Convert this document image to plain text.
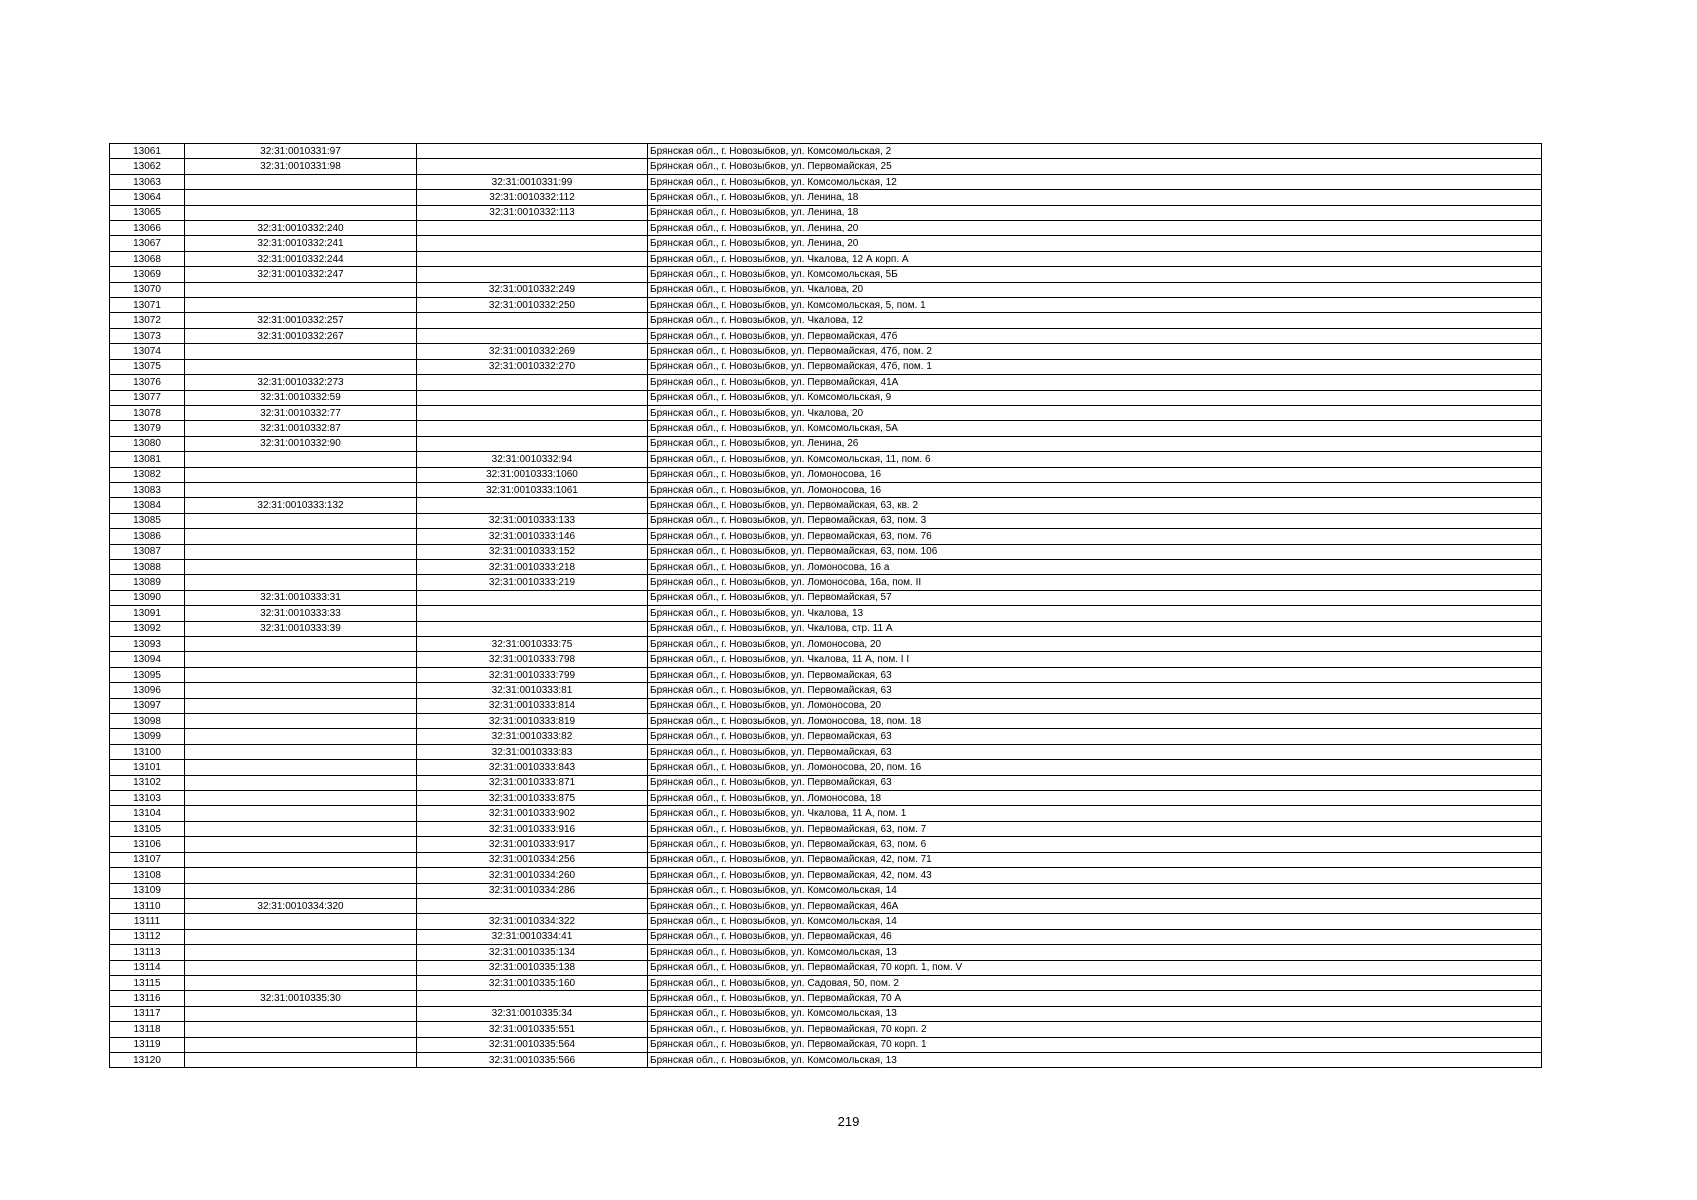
13061	32:31:0010331:97		Брянская обл., г. Новозыбков, ул. Комсомольская, 2
13062	32:31:0010331:98		Брянская обл., г. Новозыбков, ул. Первомайская, 25
13063		32:31:0010331:99	Брянская обл., г. Новозыбков, ул. Комсомольская, 12
13064		32:31:0010332:112	Брянская обл., г. Новозыбков, ул. Ленина, 18
13065		32:31:0010332:113	Брянская обл., г. Новозыбков, ул. Ленина, 18
13066	32:31:0010332:240		Брянская обл., г. Новозыбков, ул. Ленина, 20
13067	32:31:0010332:241		Брянская обл., г. Новозыбков, ул. Ленина, 20
13068	32:31:0010332:244		Брянская обл., г. Новозыбков, ул. Чкалова, 12 А корп. А
13069	32:31:0010332:247		Брянская обл., г. Новозыбков, ул. Комсомольская, 5Б
13070		32:31:0010332:249	Брянская обл., г. Новозыбков, ул. Чкалова, 20
13071		32:31:0010332:250	Брянская обл., г. Новозыбков, ул. Комсомольская, 5, пом. 1
13072	32:31:0010332:257		Брянская обл., г. Новозыбков, ул. Чкалова, 12
13073	32:31:0010332:267		Брянская обл., г. Новозыбков, ул. Первомайская, 47б
13074		32:31:0010332:269	Брянская обл., г. Новозыбков, ул. Первомайская, 47б, пом. 2
13075		32:31:0010332:270	Брянская обл., г. Новозыбков, ул. Первомайская, 47б, пом. 1
13076	32:31:0010332:273		Брянская обл., г. Новозыбков, ул. Первомайская, 41А
13077	32:31:0010332:59		Брянская обл., г. Новозыбков, ул. Комсомольская, 9
13078	32:31:0010332:77		Брянская обл., г. Новозыбков, ул. Чкалова, 20
13079	32:31:0010332:87		Брянская обл., г. Новозыбков, ул. Комсомольская, 5А
13080	32:31:0010332:90		Брянская обл., г. Новозыбков, ул. Ленина, 26
13081		32:31:0010332:94	Брянская обл., г. Новозыбков, ул. Комсомольская, 11, пом. 6
13082		32:31:0010333:1060	Брянская обл., г. Новозыбков, ул. Ломоносова, 16
13083		32:31:0010333:1061	Брянская обл., г. Новозыбков, ул. Ломоносова, 16
13084	32:31:0010333:132		Брянская обл., г. Новозыбков, ул. Первомайская, 63, кв. 2
13085		32:31:0010333:133	Брянская обл., г. Новозыбков, ул. Первомайская, 63, пом. 3
13086		32:31:0010333:146	Брянская обл., г. Новозыбков, ул. Первомайская, 63, пом. 76
13087		32:31:0010333:152	Брянская обл., г. Новозыбков, ул. Первомайская, 63, пом. 106
13088		32:31:0010333:218	Брянская обл., г. Новозыбков, ул. Ломоносова, 16 а
13089		32:31:0010333:219	Брянская обл., г. Новозыбков, ул. Ломоносова, 16а, пом. II
13090	32:31:0010333:31		Брянская обл., г. Новозыбков, ул. Первомайская, 57
13091	32:31:0010333:33		Брянская обл., г. Новозыбков, ул. Чкалова, 13
13092	32:31:0010333:39		Брянская обл., г. Новозыбков, ул. Чкалова, стр. 11 А
13093		32:31:0010333:75	Брянская обл., г. Новозыбков, ул. Ломоносова, 20
13094		32:31:0010333:798	Брянская обл., г. Новозыбков, ул. Чкалова, 11 А, пом. I I
13095		32:31:0010333:799	Брянская обл., г. Новозыбков, ул. Первомайская, 63
13096		32:31:0010333:81	Брянская обл., г. Новозыбков, ул. Первомайская, 63
13097		32:31:0010333:814	Брянская обл., г. Новозыбков, ул. Ломоносова, 20
13098		32:31:0010333:819	Брянская обл., г. Новозыбков, ул. Ломоносова, 18, пом. 18
13099		32:31:0010333:82	Брянская обл., г. Новозыбков, ул. Первомайская, 63
13100		32:31:0010333:83	Брянская обл., г. Новозыбков, ул. Первомайская, 63
13101		32:31:0010333:843	Брянская обл., г. Новозыбков, ул. Ломоносова, 20, пом. 16
13102		32:31:0010333:871	Брянская обл., г. Новозыбков, ул. Первомайская, 63
13103		32:31:0010333:875	Брянская обл., г. Новозыбков, ул. Ломоносова, 18
13104		32:31:0010333:902	Брянская обл., г. Новозыбков, ул. Чкалова, 11 А, пом. 1
13105		32:31:0010333:916	Брянская обл., г. Новозыбков, ул. Первомайская, 63, пом. 7
13106		32:31:0010333:917	Брянская обл., г. Новозыбков, ул. Первомайская, 63, пом. 6
13107		32:31:0010334:256	Брянская обл., г. Новозыбков, ул. Первомайская, 42, пом. 71
13108		32:31:0010334:260	Брянская обл., г. Новозыбков, ул. Первомайская, 42, пом. 43
13109		32:31:0010334:286	Брянская обл., г. Новозыбков, ул. Комсомольская, 14
13110	32:31:0010334:320		Брянская обл., г. Новозыбков, ул. Первомайская, 46А
13111		32:31:0010334:322	Брянская обл., г. Новозыбков, ул. Комсомольская, 14
13112		32:31:0010334:41	Брянская обл., г. Новозыбков, ул. Первомайская, 46
13113		32:31:0010335:134	Брянская обл., г. Новозыбков, ул. Комсомольская, 13
13114		32:31:0010335:138	Брянская обл., г. Новозыбков, ул. Первомайская, 70 корп. 1, пом. V
13115		32:31:0010335:160	Брянская обл., г. Новозыбков, ул. Садовая, 50, пом. 2
13116	32:31:0010335:30		Брянская обл., г. Новозыбков, ул. Первомайская, 70 А
13117		32:31:0010335:34	Брянская обл., г. Новозыбков, ул. Комсомольская, 13
13118		32:31:0010335:551	Брянская обл., г. Новозыбков, ул. Первомайская, 70 корп. 2
13119		32:31:0010335:564	Брянская обл., г. Новозыбков, ул. Первомайская, 70 корп. 1
13120		32:31:0010335:566	Брянская обл., г. Новозыбков, ул. Комсомольская, 13
219
